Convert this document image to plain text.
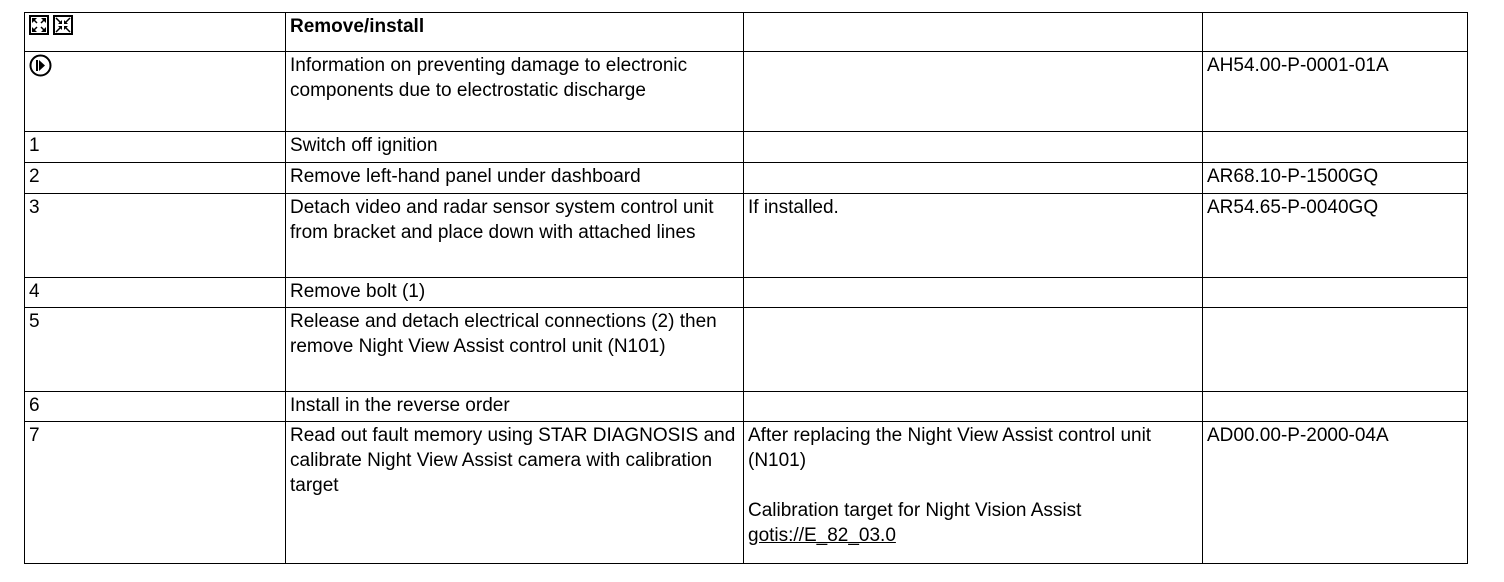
	Remove/install		
	Information on preventing damage to electronic components due to electrostatic discharge		AH54.00-P-0001-01A
1	Switch off ignition		
2	Remove left-hand panel under dashboard		AR68.10-P-1500GQ
3	Detach video and radar sensor system control unit from bracket and place down with attached lines	If installed.	AR54.65-P-0040GQ
4	Remove bolt (1)		
5	Release and detach electrical connections (2) then remove Night View Assist control unit (N101)		
6	Install in the reverse order		
7	Read out fault memory using STAR DIAGNOSIS and calibrate Night View Assist camera with calibration target	After replacing the Night View Assist control unit (N101)
Calibration target for Night Vision Assist
gotis://E_82_03.0	AD00.00-P-2000-04A
